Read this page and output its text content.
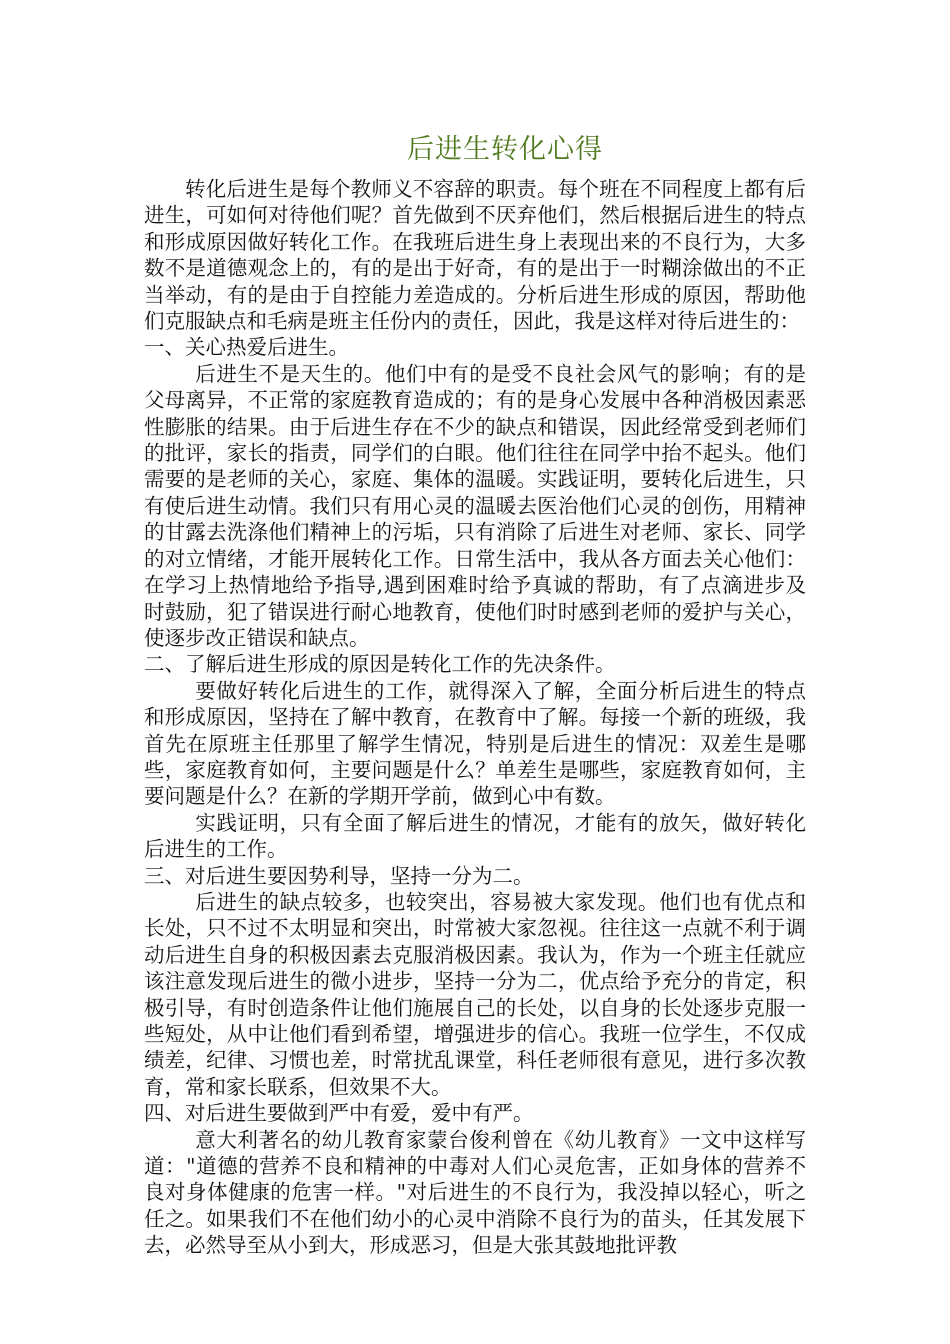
后进生转化心得

转化后进生是每个教师义不容辞的职责。每个班在不同程度上都有后进生，可如何对待他们呢？首先做到不厌弃他们，然后根据后进生的特点和形成原因做好转化工作。在我班后进生身上表现出来的不良行为，大多数不是道德观念上的，有的是出于好奇，有的是出于一时糊涂做出的不正当举动，有的是由于自控能力差造成的。分析后进生形成的原因，帮助他们克服缺点和毛病是班主任份内的责任，因此，我是这样对待后进生的：

一、关心热爱后进生。

后进生不是天生的。他们中有的是受不良社会风气的影响；有的是父母离异，不正常的家庭教育造成的；有的是身心发展中各种消极因素恶性膨胀的结果。由于后进生存在不少的缺点和错误，因此经常受到老师们的批评，家长的指责，同学们的白眼。他们往往在同学中抬不起头。他们需要的是老师的关心，家庭、集体的温暖。实践证明，要转化后进生，只有使后进生动情。我们只有用心灵的温暖去医治他们心灵的创伤，用精神的甘露去洗涤他们精神上的污垢，只有消除了后进生对老师、家长、同学的对立情绪，才能开展转化工作。日常生活中，我从各方面去关心他们：在学习上热情地给予指导,遇到困难时给予真诚的帮助，有了点滴进步及时鼓励，犯了错误进行耐心地教育，使他们时时感到老师的爱护与关心，使逐步改正错误和缺点。

二、了解后进生形成的原因是转化工作的先决条件。

要做好转化后进生的工作，就得深入了解，全面分析后进生的特点和形成原因，坚持在了解中教育，在教育中了解。每接一个新的班级，我首先在原班主任那里了解学生情况，特别是后进生的情况：双差生是哪些，家庭教育如何，主要问题是什么？单差生是哪些，家庭教育如何，主要问题是什么？在新的学期开学前，做到心中有数。

实践证明，只有全面了解后进生的情况，才能有的放矢，做好转化后进生的工作。

三、对后进生要因势利导，坚持一分为二。

后进生的缺点较多，也较突出，容易被大家发现。他们也有优点和长处，只不过不太明显和突出，时常被大家忽视。往往这一点就不利于调动后进生自身的积极因素去克服消极因素。我认为，作为一个班主任就应该注意发现后进生的微小进步，坚持一分为二，优点给予充分的肯定，积极引导，有时创造条件让他们施展自己的长处，以自身的长处逐步克服一些短处，从中让他们看到希望，增强进步的信心。我班一位学生，不仅成绩差，纪律、习惯也差，时常扰乱课堂，科任老师很有意见，进行多次教育，常和家长联系，但效果不大。

四、对后进生要做到严中有爱，爱中有严。

意大利著名的幼儿教育家蒙台俊利曾在《幼儿教育》一文中这样写道："道德的营养不良和精神的中毒对人们心灵危害，正如身体的营养不良对身体健康的危害一样。"对后进生的不良行为，我没掉以轻心，听之任之。如果我们不在他们幼小的心灵中消除不良行为的苗头，任其发展下去，必然导至从小到大，形成恶习，但是大张其鼓地批评教
